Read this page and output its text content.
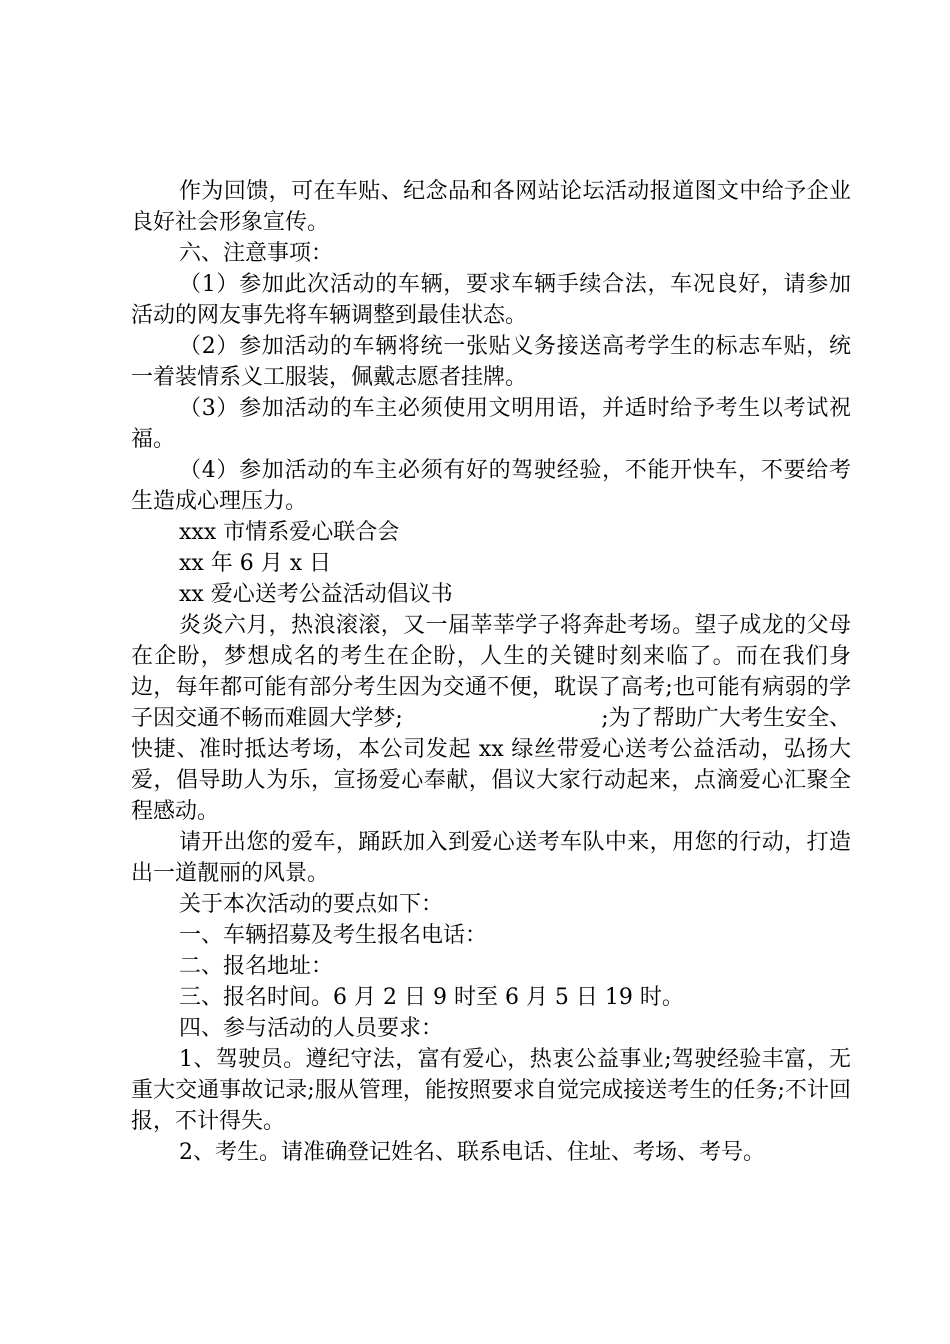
作为回馈，可在车贴、纪念品和各网站论坛活动报道图文中给予企业良好社会形象宣传。

六、注意事项：

（1）参加此次活动的车辆，要求车辆手续合法，车况良好，请参加活动的网友事先将车辆调整到最佳状态。

（2）参加活动的车辆将统一张贴义务接送高考学生的标志车贴，统一着装情系义工服装，佩戴志愿者挂牌。

（3）参加活动的车主必须使用文明用语，并适时给予考生以考试祝福。

（4）参加活动的车主必须有好的驾驶经验，不能开快车，不要给考生造成心理压力。

xxx 市情系爱心联合会

xx 年 6 月 x 日

xx 爱心送考公益活动倡议书

炎炎六月，热浪滚滚，又一届莘莘学子将奔赴考场。望子成龙的父母在企盼，梦想成名的考生在企盼，人生的关键时刻来临了。而在我们身边，每年都可能有部分考生因为交通不便，耽误了高考;也可能有病弱的学子因交通不畅而难圆大学梦;　　　　　　　　　;为了帮助广大考生安全、快捷、准时抵达考场，本公司发起 xx 绿丝带爱心送考公益活动，弘扬大爱，倡导助人为乐，宣扬爱心奉献，倡议大家行动起来，点滴爱心汇聚全程感动。

请开出您的爱车，踊跃加入到爱心送考车队中来，用您的行动，打造出一道靓丽的风景。

关于本次活动的要点如下：

一、车辆招募及考生报名电话：

二、报名地址：

三、报名时间。6 月 2 日 9 时至 6 月 5 日 19 时。

四、参与活动的人员要求：

1、驾驶员。遵纪守法，富有爱心，热衷公益事业;驾驶经验丰富，无重大交通事故记录;服从管理，能按照要求自觉完成接送考生的任务;不计回报，不计得失。

2、考生。请准确登记姓名、联系电话、住址、考场、考号。
